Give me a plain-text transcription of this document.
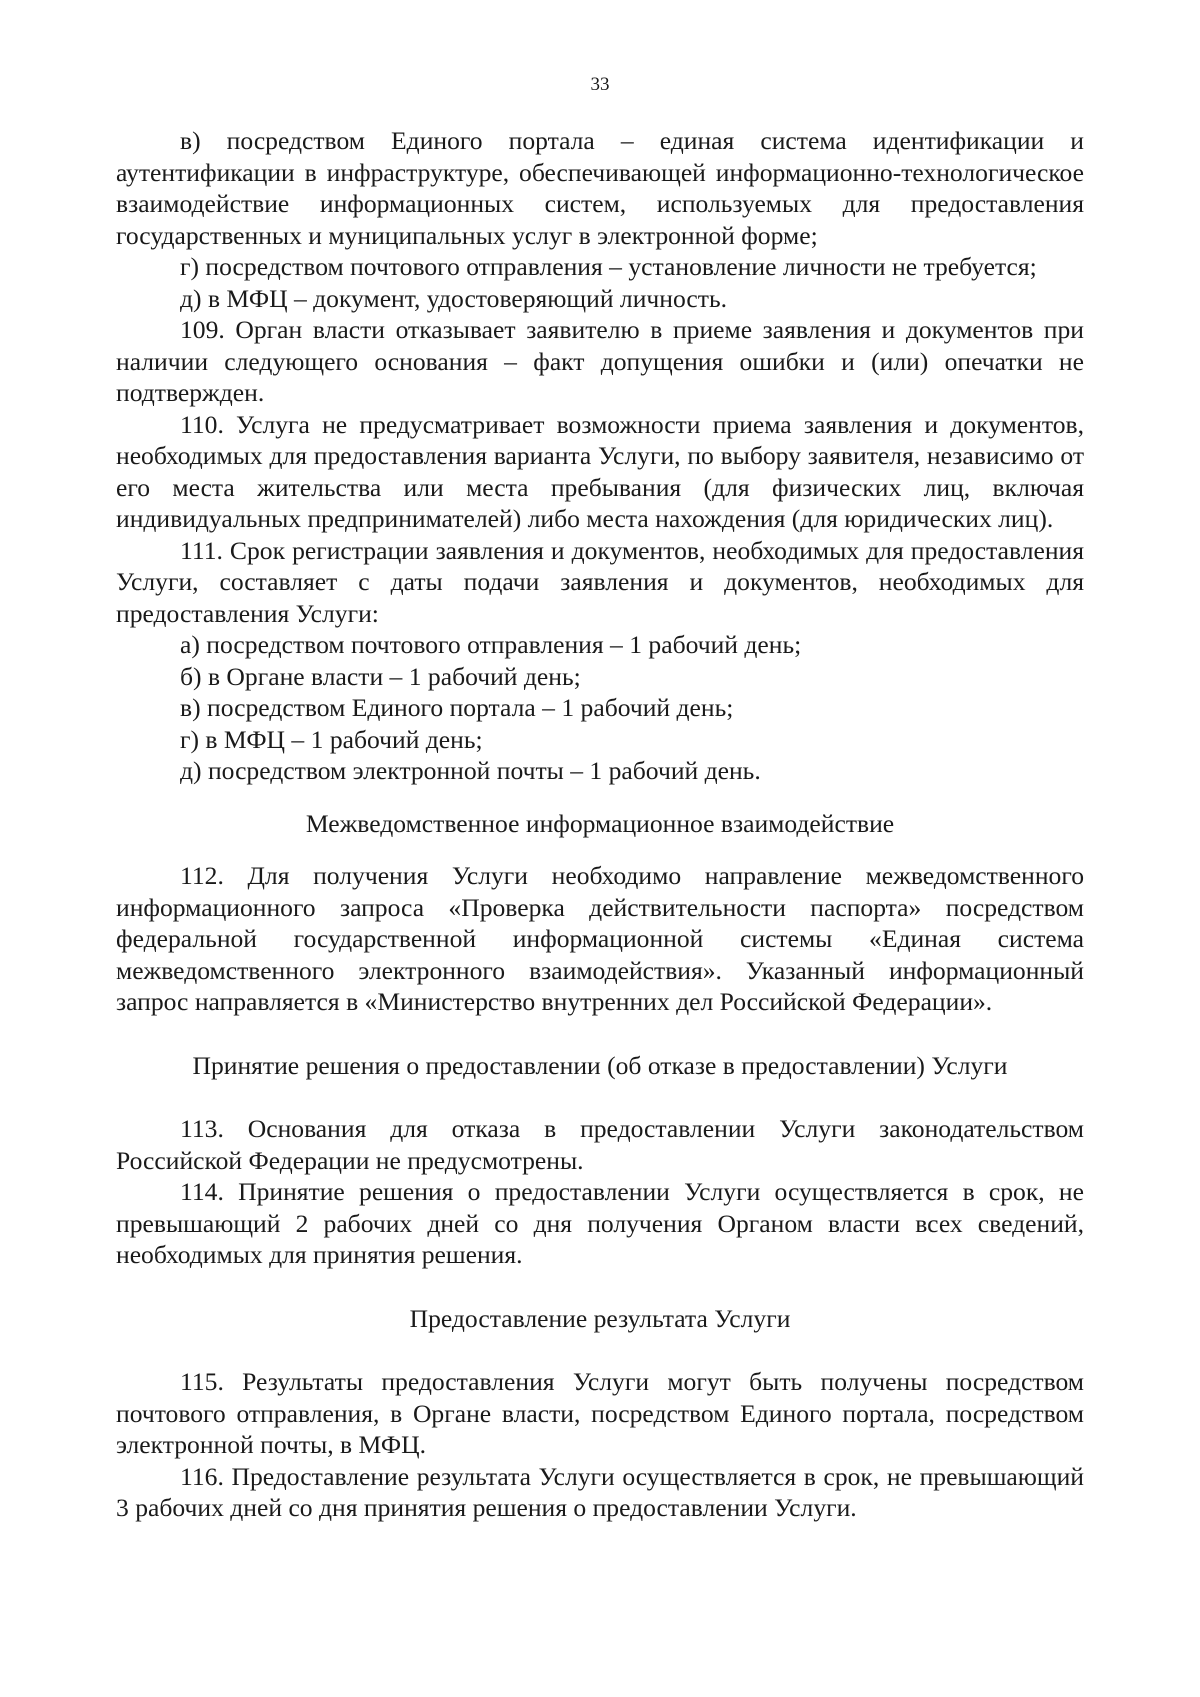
33

в) посредством Единого портала – единая система идентификации и аутентификации в инфраструктуре, обеспечивающей информационно-технологическое взаимодействие информационных систем, используемых для предоставления государственных и муниципальных услуг в электронной форме;

г) посредством почтового отправления – установление личности не требуется;

д) в МФЦ – документ, удостоверяющий личность.

109. Орган власти отказывает заявителю в приеме заявления и документов при наличии следующего основания – факт допущения ошибки и (или) опечатки не подтвержден.

110. Услуга не предусматривает возможности приема заявления и документов, необходимых для предоставления варианта Услуги, по выбору заявителя, независимо от его места жительства или места пребывания (для физических лиц, включая индивидуальных предпринимателей) либо места нахождения (для юридических лиц).

111. Срок регистрации заявления и документов, необходимых для предоставления Услуги, составляет с даты подачи заявления и документов, необходимых для предоставления Услуги:

а) посредством почтового отправления – 1 рабочий день;

б) в Органе власти – 1 рабочий день;

в) посредством Единого портала – 1 рабочий день;

г) в МФЦ – 1 рабочий день;

д) посредством электронной почты – 1 рабочий день.

Межведомственное информационное взаимодействие

112. Для получения Услуги необходимо направление межведомственного информационного запроса «Проверка действительности паспорта» посредством федеральной государственной информационной системы «Единая система межведомственного электронного взаимодействия». Указанный информационный запрос направляется в «Министерство внутренних дел Российской Федерации».

Принятие решения о предоставлении (об отказе в предоставлении) Услуги

113. Основания для отказа в предоставлении Услуги законодательством Российской Федерации не предусмотрены.

114. Принятие решения о предоставлении Услуги осуществляется в срок, не превышающий 2 рабочих дней со дня получения Органом власти всех сведений, необходимых для принятия решения.

Предоставление результата Услуги

115. Результаты предоставления Услуги могут быть получены посредством почтового отправления, в Органе власти, посредством Единого портала, посредством электронной почты, в МФЦ.

116. Предоставление результата Услуги осуществляется в срок, не превышающий 3 рабочих дней со дня принятия решения о предоставлении Услуги.
